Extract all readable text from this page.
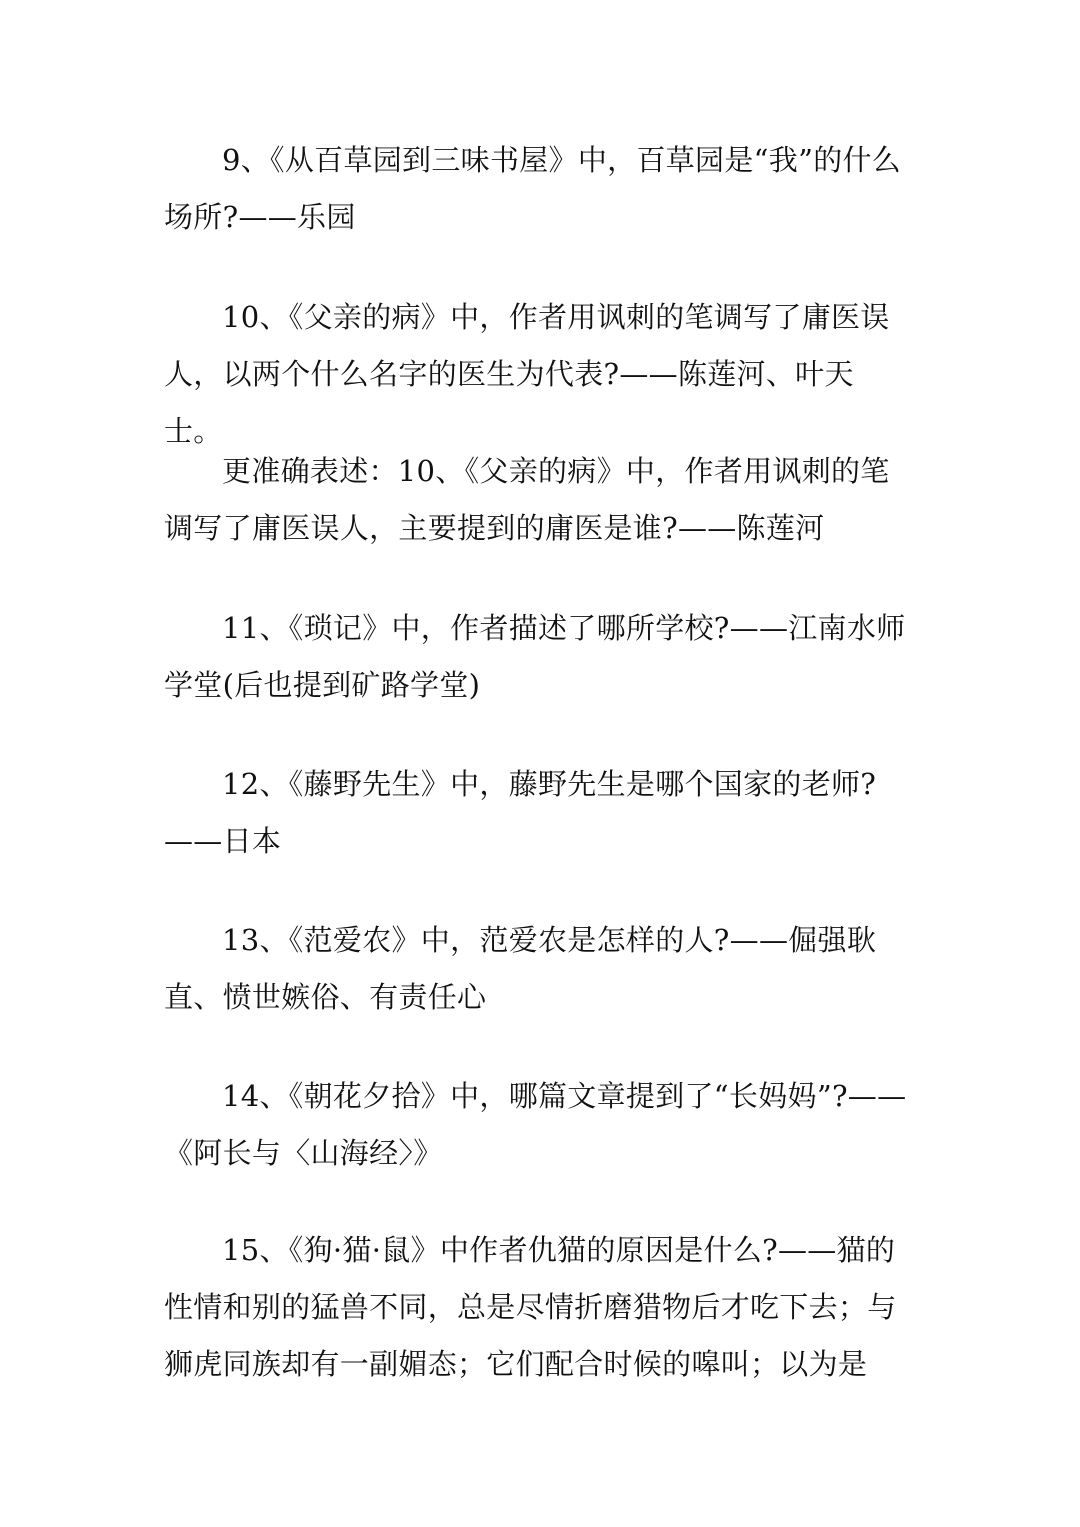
9、《从百草园到三味书屋》中，百草园是“我”的什么场所?——乐园

10、《父亲的病》中，作者用讽刺的笔调写了庸医误人，以两个什么名字的医生为代表?——陈莲河、叶天士。

更准确表述：10、《父亲的病》中，作者用讽刺的笔调写了庸医误人，主要提到的庸医是谁?——陈莲河

11、《琐记》中，作者描述了哪所学校?——江南水师学堂(后也提到矿路学堂)

12、《藤野先生》中，藤野先生是哪个国家的老师?——日本

13、《范爱农》中，范爱农是怎样的人?——倔强耿直、愤世嫉俗、有责任心

14、《朝花夕拾》中，哪篇文章提到了“长妈妈”?——《阿长与〈山海经〉》

15、《狗·猫·鼠》中作者仇猫的原因是什么?——猫的性情和别的猛兽不同，总是尽情折磨猎物后才吃下去；与狮虎同族却有一副媚态；它们配合时候的嗥叫；以为是
